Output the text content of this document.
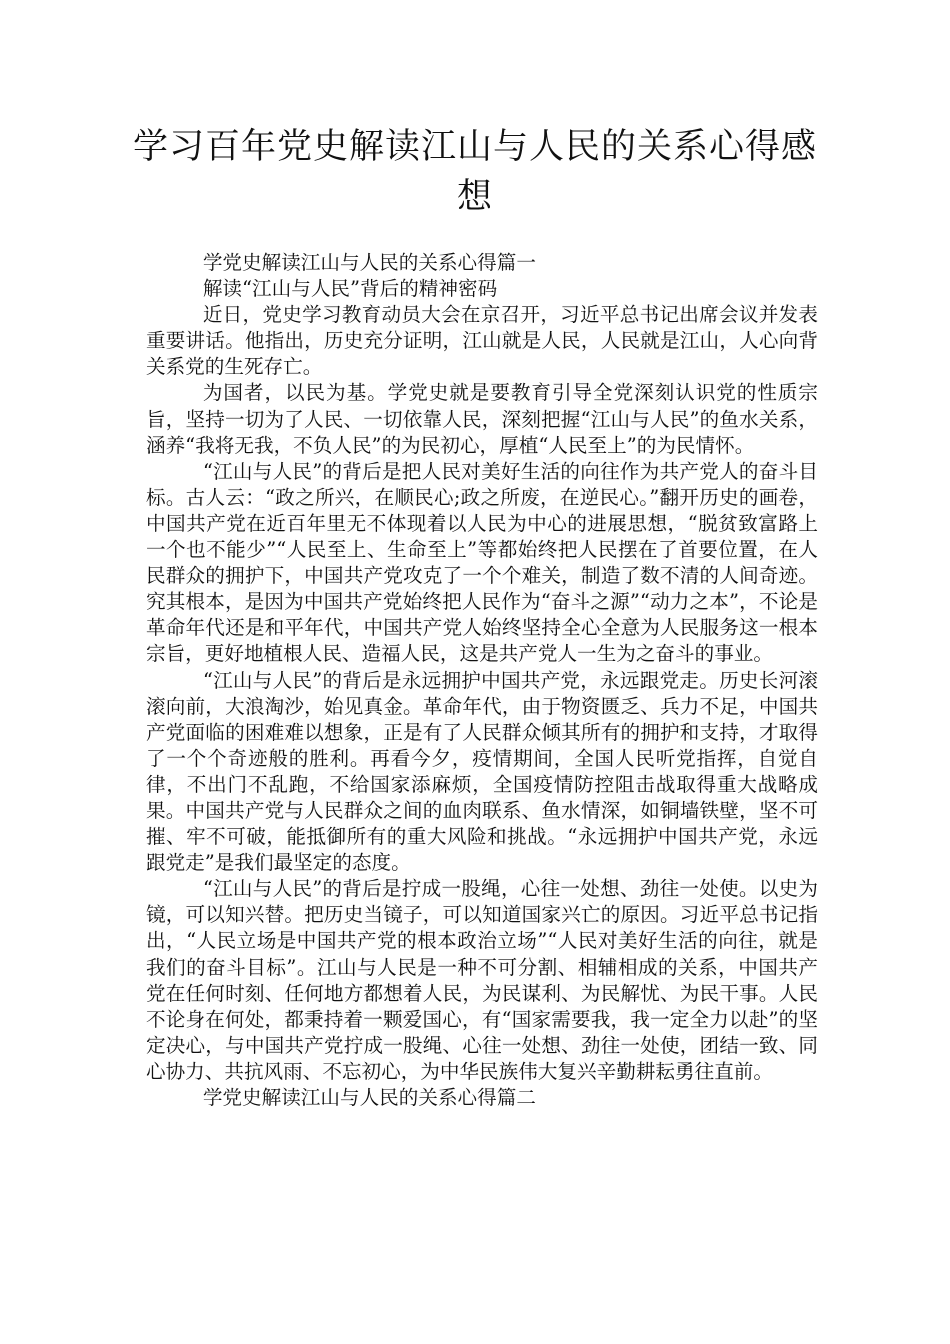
学习百年党史解读江山与人民的关系心得感想

学党史解读江山与人民的关系心得篇一

解读“江山与人民”背后的精神密码

近日，党史学习教育动员大会在京召开，习近平总书记出席会议并发表重要讲话。他指出，历史充分证明，江山就是人民，人民就是江山，人心向背关系党的生死存亡。

为国者，以民为基。学党史就是要教育引导全党深刻认识党的性质宗旨，坚持一切为了人民、一切依靠人民，深刻把握“江山与人民”的鱼水关系，涵养“我将无我，不负人民”的为民初心，厚植“人民至上”的为民情怀。

“江山与人民”的背后是把人民对美好生活的向往作为共产党人的奋斗目标。古人云：“政之所兴，在顺民心;政之所废，在逆民心。”翻开历史的画卷，中国共产党在近百年里无不体现着以人民为中心的进展思想，“脱贫致富路上一个也不能少”“人民至上、生命至上”等都始终把人民摆在了首要位置，在人民群众的拥护下，中国共产党攻克了一个个难关，制造了数不清的人间奇迹。究其根本，是因为中国共产党始终把人民作为“奋斗之源”“动力之本”，不论是革命年代还是和平年代，中国共产党人始终坚持全心全意为人民服务这一根本宗旨，更好地植根人民、造福人民，这是共产党人一生为之奋斗的事业。

“江山与人民”的背后是永远拥护中国共产党，永远跟党走。历史长河滚滚向前，大浪淘沙，始见真金。革命年代，由于物资匮乏、兵力不足，中国共产党面临的困难难以想象，正是有了人民群众倾其所有的拥护和支持，才取得了一个个奇迹般的胜利。再看今夕，疫情期间，全国人民听党指挥，自觉自律，不出门不乱跑，不给国家添麻烦，全国疫情防控阻击战取得重大战略成果。中国共产党与人民群众之间的血肉联系、鱼水情深，如铜墙铁壁，坚不可摧、牢不可破，能抵御所有的重大风险和挑战。“永远拥护中国共产党，永远跟党走”是我们最坚定的态度。

“江山与人民”的背后是拧成一股绳，心往一处想、劲往一处使。以史为镜，可以知兴替。把历史当镜子，可以知道国家兴亡的原因。习近平总书记指出，“人民立场是中国共产党的根本政治立场”“人民对美好生活的向往，就是我们的奋斗目标”。江山与人民是一种不可分割、相辅相成的关系，中国共产党在任何时刻、任何地方都想着人民，为民谋利、为民解忧、为民干事。人民不论身在何处，都秉持着一颗爱国心，有“国家需要我，我一定全力以赴”的坚定决心，与中国共产党拧成一股绳、心往一处想、劲往一处使，团结一致、同心协力、共抗风雨、不忘初心，为中华民族伟大复兴辛勤耕耘勇往直前。

学党史解读江山与人民的关系心得篇二
